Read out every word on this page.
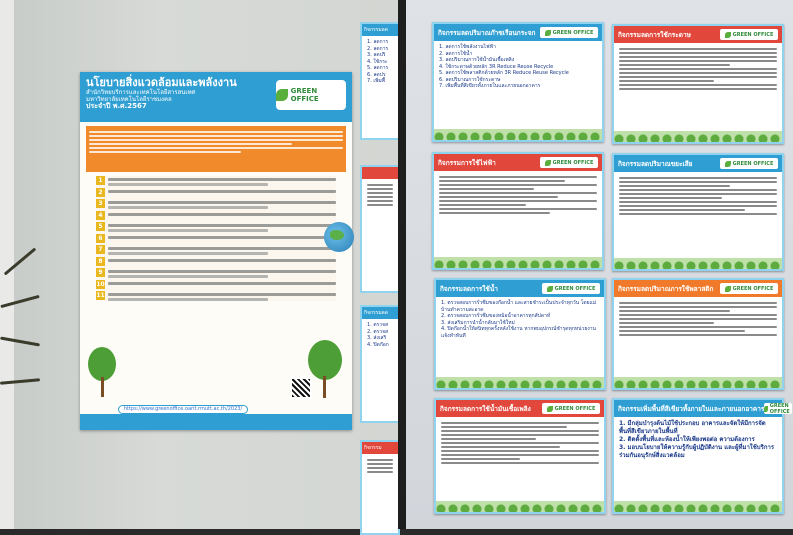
นโยบายสิ่งแวดล้อมและพลังงาน
สำนักวิทยบริการและเทคโนโลยีสารสนเทศ
มหาวิทยาลัยเทคโนโลยีราชมงคล
ประจำปี พ.ศ.2567
GREEN OFFICE
1
2
3
4
5
6
7
8
9
10
11
https://www.greenoffice.oarit.rmutt.ac.th/2023/
กิจกรรมลด
1. ลดการ
2. ลดการ
3. ลดปริ
4. ใช้กระ
5. ลดการ
6. ลดปร
7. เพิ่มพื้
กิจกรรมลด
1. ตรวจส
2. ตรวจส
3. ส่งเสริ
4. ปิดก๊อก
กิจกรรม
กิจกรรมลดปริมาณก๊าซเรือนกระจก	GREEN OFFICE
1. ลดการใช้พลังงานไฟฟ้า
2. ลดการใช้น้ำ
3. ลดปริมาณการใช้น้ำมันเชื้อเพลิง
4. ใช้กระดาษด้วยหลัก 3R Reduce Reuse Recycle
5. ลดการใช้พลาสติกด้วยหลัก 3R Reduce Reuse Recycle
6. ลดปริมาณการใช้กระดาษ
7. เพิ่มพื้นที่สีเขียวทั้งภายในและภายนอกอาคาร
กิจกรรมลดการใช้กระดาษ	GREEN OFFICE
กิจกรรมการใช้ไฟฟ้า	GREEN OFFICE	กิจกรรมลดปริมาณขยะเสีย	GREEN OFFICE
กิจกรรมลดการใช้น้ำ	GREEN OFFICE
1. ตรวจสอบการรั่วซึมของก๊อกน้ำ และสายชำระเป็นประจำทุกวัน โดยแม่บ้านทำความสะอาด
2. ตรวจสอบการรั่วซึมของหม้อน้ำอาคารทุกสัปดาห์
3. ส่งเสริมการนำน้ำกลับมาใช้ใหม่
4. ปิดก๊อกน้ำให้สนิททุกครั้งหลังใช้งาน หากพบอุปกรณ์ชำรุดทุกหน่วยงานแจ้งทำทันที
กิจกรรมลดปริมาณการใช้พลาสติก	GREEN OFFICE
กิจกรรมลดการใช้น้ำมันเชื้อเพลิง	GREEN OFFICE	กิจกรรมเพิ่มพื้นที่สีเขียวทั้งภายในและภายนอกอาคาร GREEN OFFICE
1. มีกลุ่มบำรุงต้นไม้ใช้ประกอบ อาคารและจัดให้มีการจัดพื้นที่สีเขียวภายในพื้นที่
2. ติดตั้งพื้นที่และห้องน้ำให้เพียงพอต่อ ความต้องการ
3. มอบนโยบายให้ความรู้กับผู้ปฏิบัติงาน และผู้ที่มาใช้บริการ ร่วมกันอนุรักษ์สิ่งแวดล้อม
